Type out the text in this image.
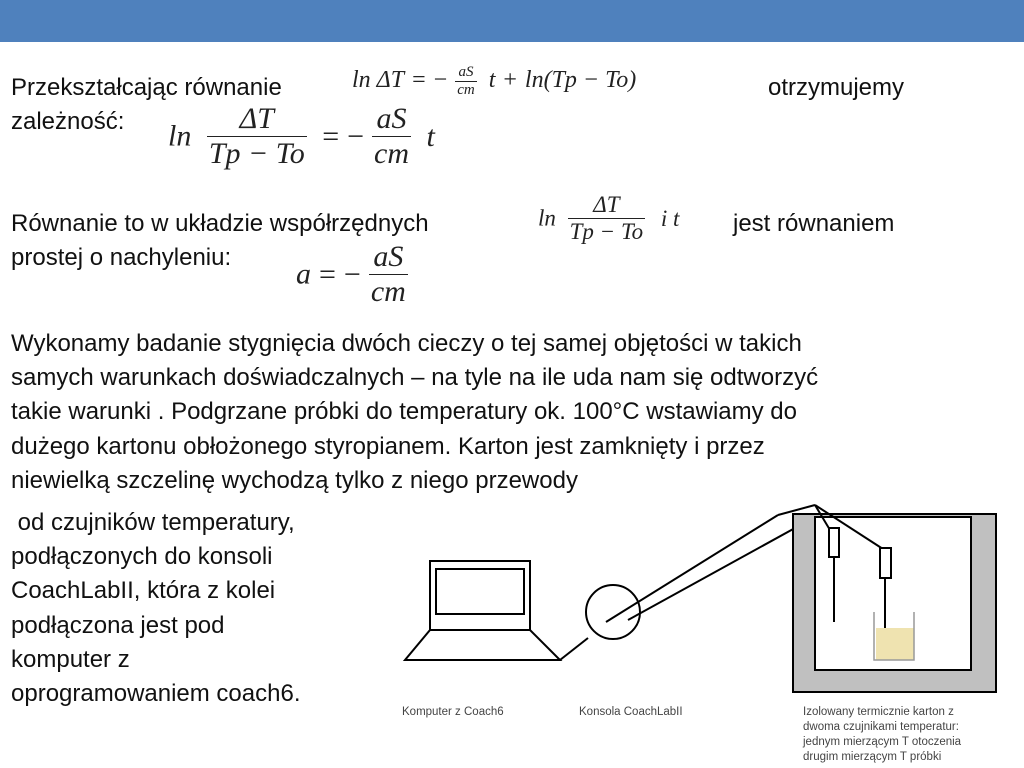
Przekształcając równanie	ln ΔT = − $\frac{aS}{cm}$ t + ln(Tp − To)	otrzymujemy
zależność: $\ln \frac{\Delta T}{Tp - To}$ = − $\frac{aS}{cm}$ t
Równanie to w układzie współrzędnych	$\ln \frac{\Delta T}{Tp - To}$ i t jest równaniem
prostej o nachyleniu: a = − $\frac{aS}{cm}$
Wykonamy badanie stygnięcia dwóch cieczy o tej samej objętości w takich
samych warunkach doświadczalnych – na tyle na ile uda nam się odtworzyć
takie warunki . Podgrzane próbki do temperatury ok. 100°C wstawiamy do
dużego kartonu obłożonego styropianem. Karton jest zamknięty i przez
niewielką szczelinę wychodzą tylko z niego przewody
od czujników temperatury,
podłączonych do konsoli
CoachLabII, która z kolei
podłączona jest pod
komputer z
oprogramowaniem coach6.
Komputer z Coach6	Konsola CoachLabII	Izolowany termicznie karton z
dwoma czujnikami temperatur:
jednym mierzącym T otoczenia
drugim mierzącym T próbki
